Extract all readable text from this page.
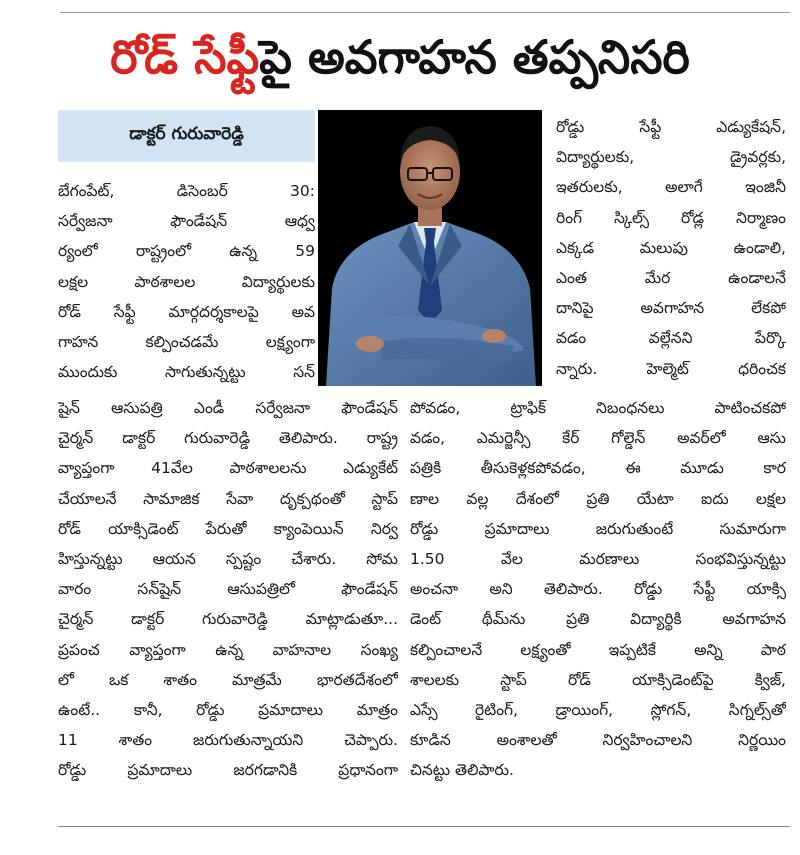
రోడ్ సేఫ్టీపై అవగాహన తప్పనిసరి
డాక్టర్ గురువారెడ్డి
బేగంపేట్, డిసెంబర్ 30:
సర్వేజనా ఫౌండేషన్ ఆధ్వ
ర్యంలో రాష్ట్రంలో ఉన్న 59
లక్షల పాఠశాలల విద్యార్థులకు
రోడ్ సేఫ్టీ మార్గదర్శకాలపై అవ
గాహన కల్పించడమే లక్ష్యంగా
ముందుకు సాగుతున్నట్టు సన్
రోడ్డు సేఫ్టీ ఎడ్యుకేషన్,
విద్యార్థులకు, డ్రైవర్లకు,
ఇతరులకు, అలాగే ఇంజినీ
రింగ్ స్కిల్స్ రోడ్ల నిర్మాణం
ఎక్కడ మలుపు ఉండాలి,
ఎంత మేర ఉండాలనే
దానిపై అవగాహన లేకపో
వడం వల్లేనని పేర్కొ
న్నారు. హెల్మెట్ ధరించక
షైన్ ఆసుపత్రి ఎండీ సర్వేజనా ఫౌండేషన్
చైర్మన్ డాక్టర్ గురువారెడ్డి తెలిపారు. రాష్ట్ర
వ్యాప్తంగా 41వేల పాఠశాలలను ఎడ్యుకేట్
చేయాలనే సామాజిక సేవా దృక్పథంతో స్టాప్
రోడ్ యాక్సిడెంట్ పేరుతో క్యాంపెయిన్ నిర్వ
హిస్తున్నట్టు ఆయన స్పష్టం చేశారు. సోమ
వారం సన్‌షైన్ ఆసుపత్రిలో ఫౌండేషన్
చైర్మన్ డాక్టర్ గురువారెడ్డి మాట్లాడుతూ...
ప్రపంచ వ్యాప్తంగా ఉన్న వాహనాల సంఖ్య
లో ఒక శాతం మాత్రమే భారతదేశంలో
ఉంటే.. కానీ, రోడ్డు ప్రమాదాలు మాత్రం
11 శాతం జరుగుతున్నాయని చెప్పారు.
రోడ్డు ప్రమాదాలు జరగడానికి ప్రధానంగా
పోవడం, ట్రాఫిక్ నిబంధనలు పాటించకపో
వడం, ఎమర్జెన్సీ కేర్ గోల్డెన్ అవర్‌లో ఆసు
పత్రికి తీసుకెళ్లకపోవడం, ఈ మూడు కార
ణాల వల్ల దేశంలో ప్రతి యేటా ఐదు లక్షల
రోడ్డు ప్రమాదాలు జరుగుతుంటే సుమారుగా
1.50 వేల మరణాలు సంభవిస్తున్నట్టు
అంచనా అని తెలిపారు. రోడ్డు సేఫ్టీ యాక్సి
డెంట్ థీమ్‌ను ప్రతి విద్యార్థికి అవగాహన
కల్పించాలనే లక్ష్యంతో ఇప్పటికే అన్ని పాఠ
శాలలకు స్టాప్ రోడ్ యాక్సిడెంట్‌పై క్విజ్,
ఎస్సే రైటింగ్, డ్రాయింగ్, స్లోగన్, సిగ్నల్స్‌తో
కూడిన అంశాలతో నిర్వహించాలని నిర్ణయిం
చినట్టు తెలిపారు.
